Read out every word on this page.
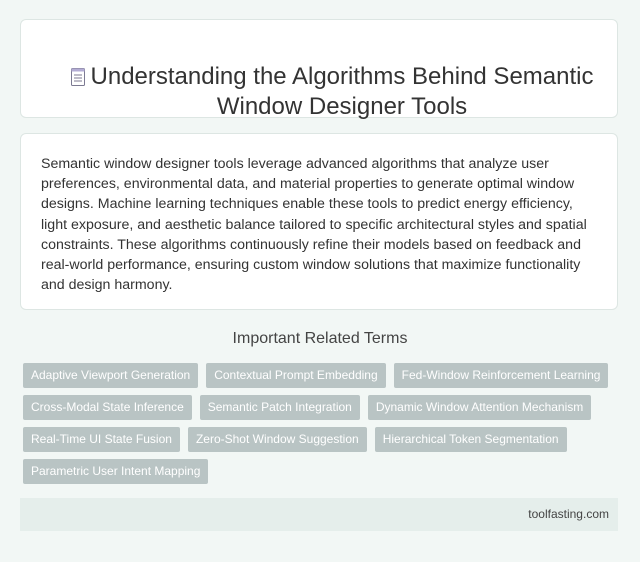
Understanding the Algorithms Behind Semantic Window Designer Tools

Semantic window designer tools leverage advanced algorithms that analyze user preferences, environmental data, and material properties to generate optimal window designs. Machine learning techniques enable these tools to predict energy efficiency, light exposure, and aesthetic balance tailored to specific architectural styles and spatial constraints. These algorithms continuously refine their models based on feedback and real-world performance, ensuring custom window solutions that maximize functionality and design harmony.

Important Related Terms
Adaptive Viewport Generation	Contextual Prompt Embedding	Fed-Window Reinforcement Learning
Cross-Modal State Inference	Semantic Patch Integration	Dynamic Window Attention Mechanism
Real-Time UI State Fusion	Zero-Shot Window Suggestion	Hierarchical Token Segmentation
Parametric User Intent Mapping
toolfasting.com
